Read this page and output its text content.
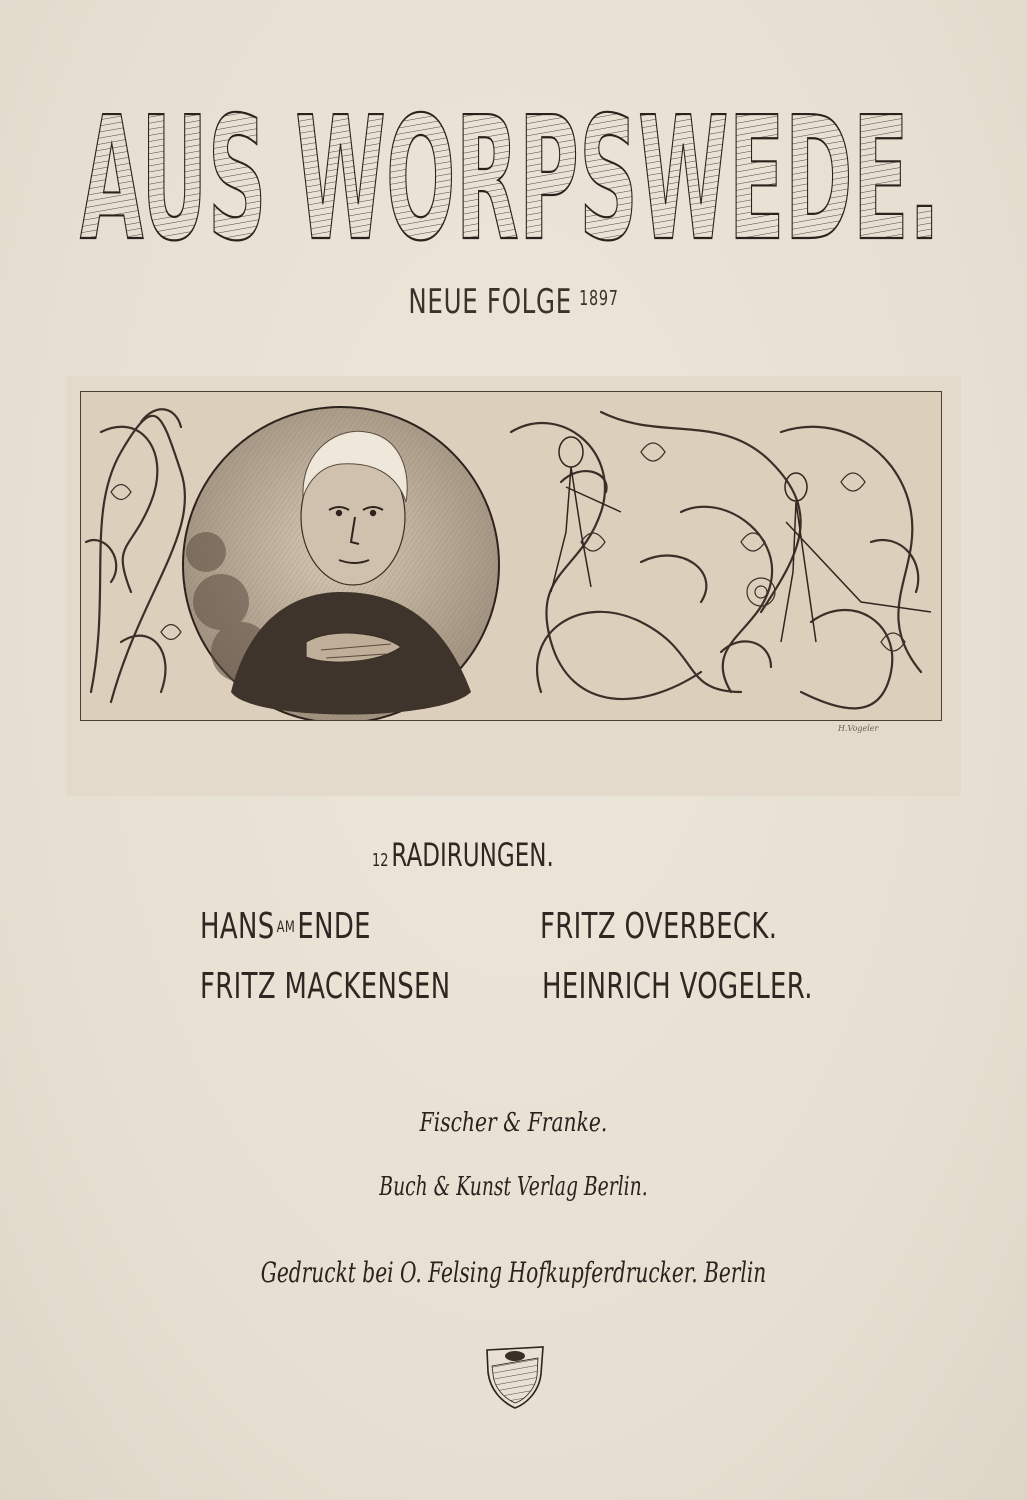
AUS WORPSWEDE.
NEUE FOLGE $^{1897}$
H.Vogeler
12RADIRUNGEN.
HANS AMENDE	FRITZ OVERBECK.
FRITZ MACKENSEN	HEINRICH VOGELER.
Fischer & Franke.
Buch & Kunst Verlag Berlin.
Gedruckt bei O. Felsing Hofkupferdrucker. Berlin
